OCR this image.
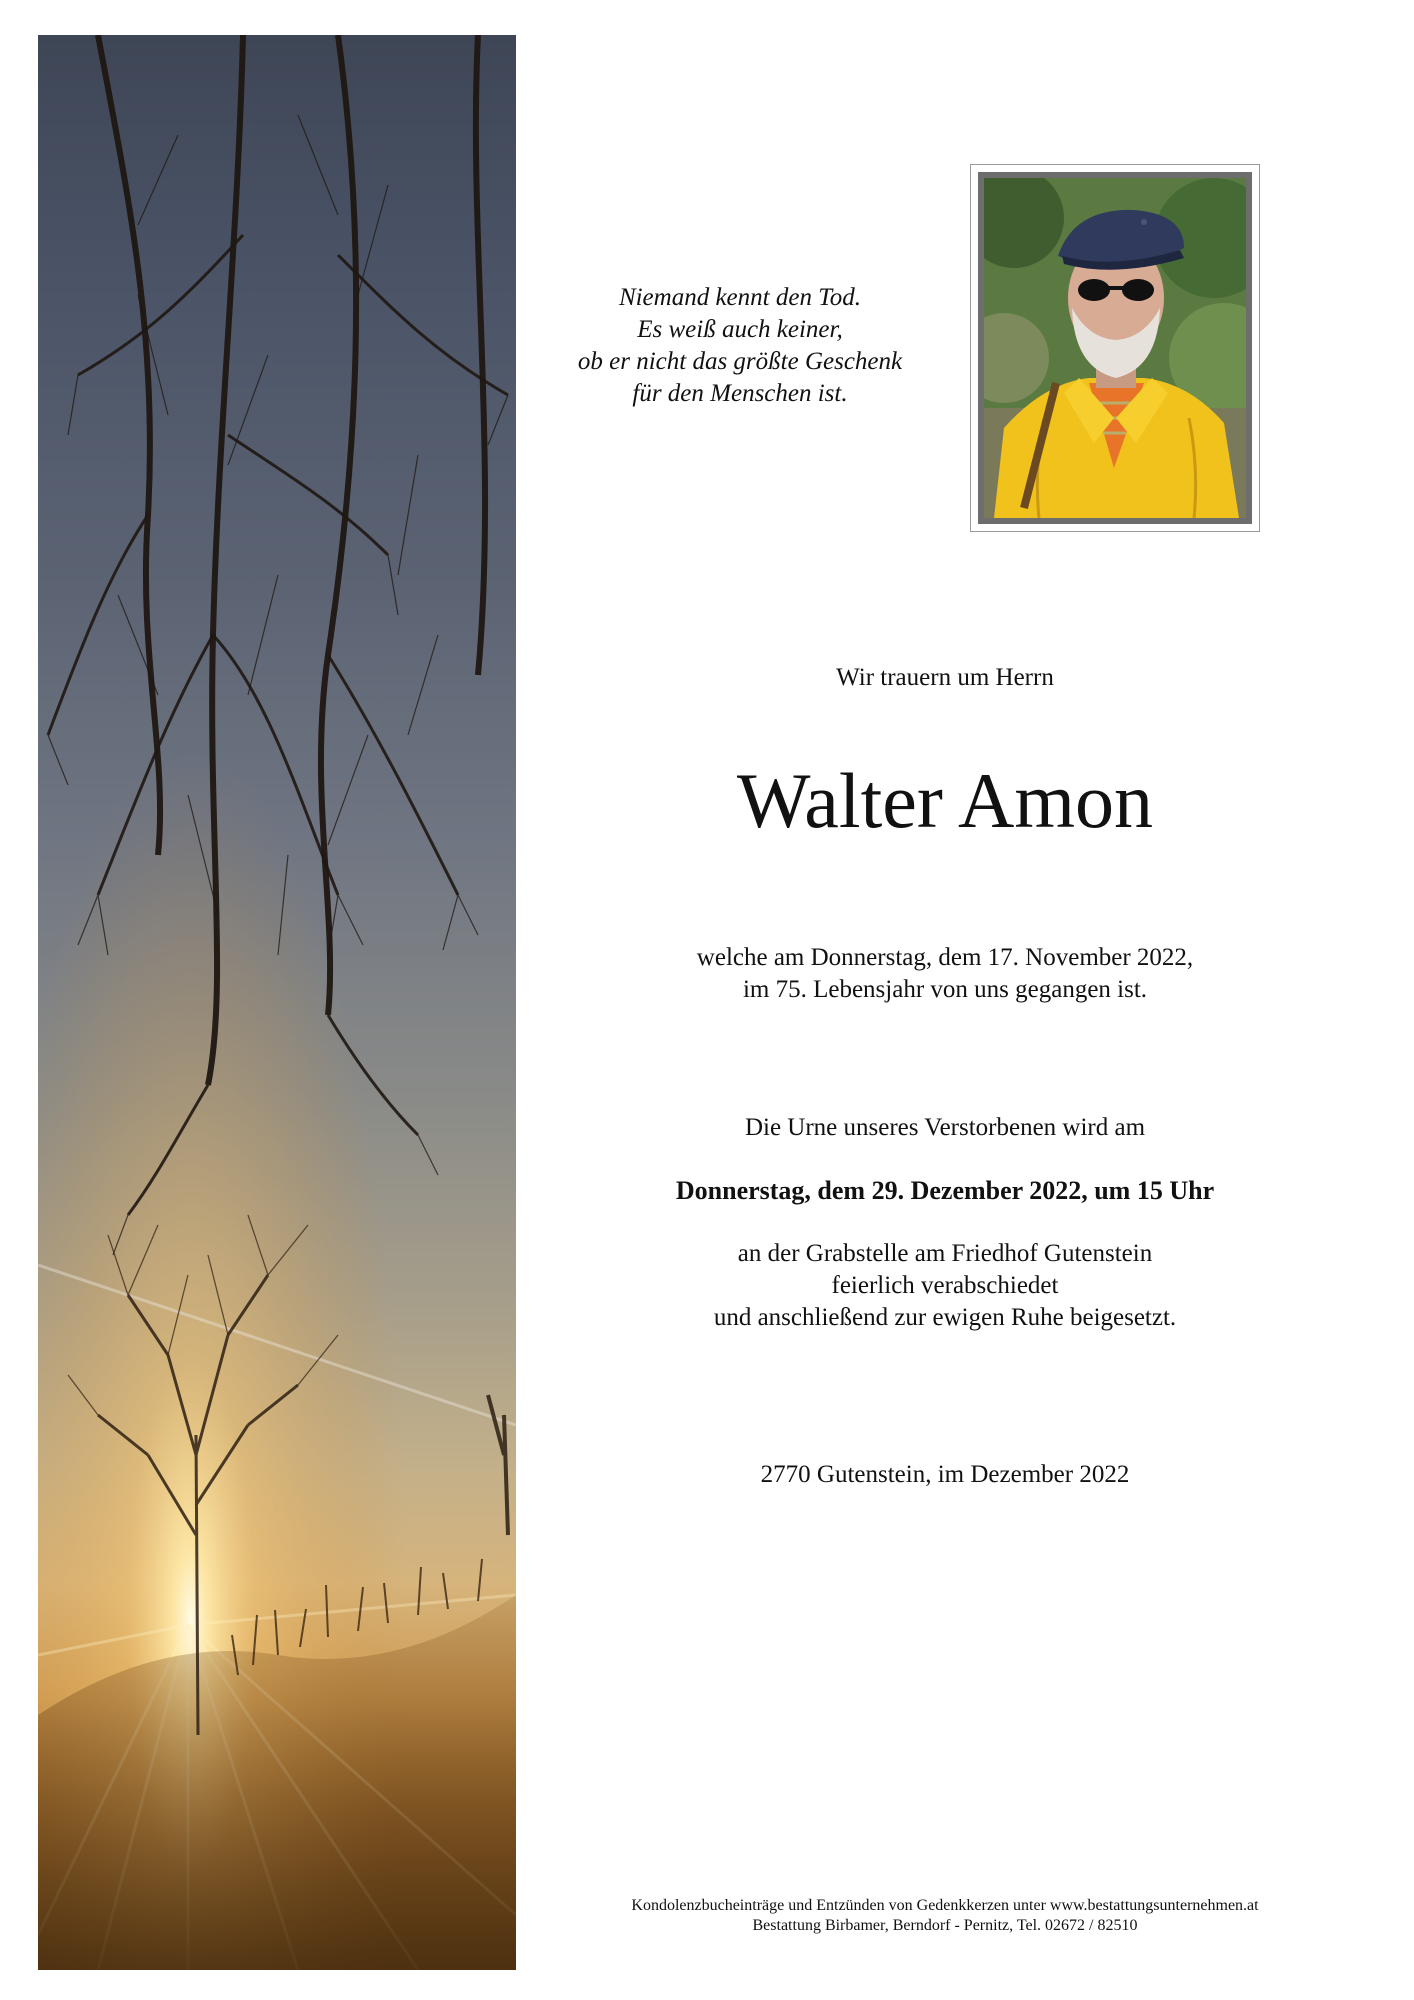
Niemand kennt den Tod.
Es weiß auch keiner,
ob er nicht das größte Geschenk
für den Menschen ist.
Wir trauern um Herrn
Walter Amon
welche am Donnerstag, dem 17. November 2022,
im 75. Lebensjahr von uns gegangen ist.
Die Urne unseres Verstorbenen wird am
Donnerstag, dem 29. Dezember 2022, um 15 Uhr
an der Grabstelle am Friedhof Gutenstein
feierlich verabschiedet
und anschließend zur ewigen Ruhe beigesetzt.
2770 Gutenstein, im Dezember 2022
Kondolenzbucheinträge und Entzünden von Gedenkkerzen unter www.bestattungsunternehmen.at
Bestattung Birbamer, Berndorf - Pernitz, Tel. 02672 / 82510
